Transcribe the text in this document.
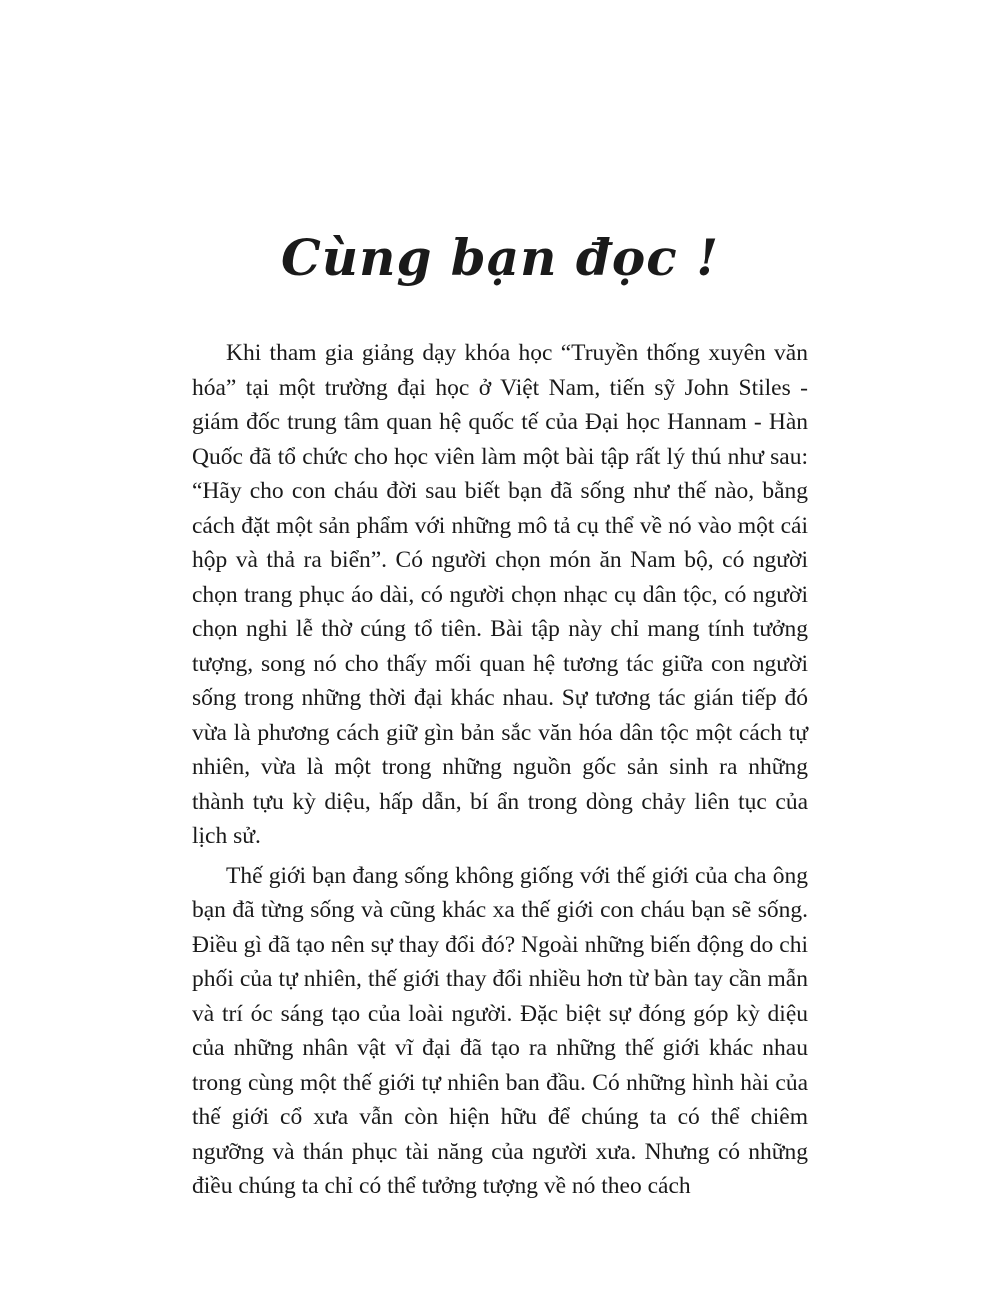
Cùng bạn đọc !

Khi tham gia giảng dạy khóa học “Truyền thống xuyên văn hóa” tại một trường đại học ở Việt Nam, tiến sỹ John Stiles - giám đốc trung tâm quan hệ quốc tế của Đại học Hannam - Hàn Quốc đã tổ chức cho học viên làm một bài tập rất lý thú như sau: “Hãy cho con cháu đời sau biết bạn đã sống như thế nào, bằng cách đặt một sản phẩm với những mô tả cụ thể về nó vào một cái hộp và thả ra biển”. Có người chọn món ăn Nam bộ, có người chọn trang phục áo dài, có người chọn nhạc cụ dân tộc, có người chọn nghi lễ thờ cúng tổ tiên. Bài tập này chỉ mang tính tưởng tượng, song nó cho thấy mối quan hệ tương tác giữa con người sống trong những thời đại khác nhau. Sự tương tác gián tiếp đó vừa là phương cách giữ gìn bản sắc văn hóa dân tộc một cách tự nhiên, vừa là một trong những nguồn gốc sản sinh ra những thành tựu kỳ diệu, hấp dẫn, bí ẩn trong dòng chảy liên tục của lịch sử.

Thế giới bạn đang sống không giống với thế giới của cha ông bạn đã từng sống và cũng khác xa thế giới con cháu bạn sẽ sống. Điều gì đã tạo nên sự thay đổi đó? Ngoài những biến động do chi phối của tự nhiên, thế giới thay đổi nhiều hơn từ bàn tay cần mẫn và trí óc sáng tạo của loài người. Đặc biệt sự đóng góp kỳ diệu của những nhân vật vĩ đại đã tạo ra những thế giới khác nhau trong cùng một thế giới tự nhiên ban đầu. Có những hình hài của thế giới cổ xưa vẫn còn hiện hữu để chúng ta có thể chiêm ngưỡng và thán phục tài năng của người xưa. Nhưng có những điều chúng ta chỉ có thể tưởng tượng về nó theo cách
